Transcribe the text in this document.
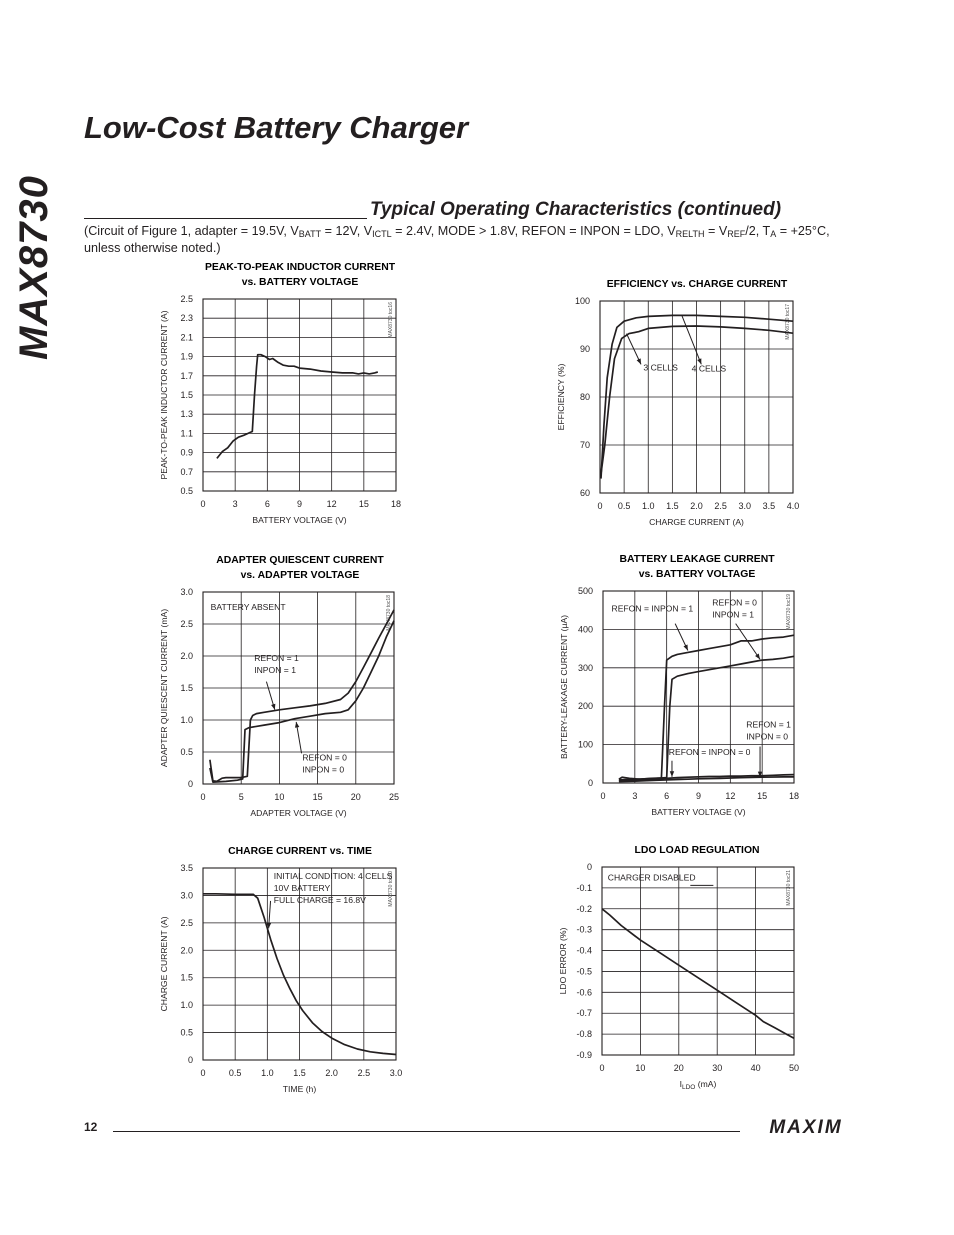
MAX8730
Low-Cost Battery Charger
Typical Operating Characteristics (continued)
(Circuit of Figure 1, adapter = 19.5V, $V_{BATT} = 12V$, $V_{ICTL} = 2.4V$, MODE > 1.8V, REFON = INPON = LDO, $V_{RELTH} = V_{REF}/2$, $T_A = +25^\circ C$, unless otherwise noted.)
PEAK-TO-PEAK INDUCTOR CURRENT
vs. BATTERY VOLTAGE
0	3	6	9	12 15 18
0.5
0.7
0.9
1.1
1.3
1.5
1.7
1.9
2.1
2.3
2.5
BATTERY VOLTAGE (V)
PEAK-TO-PEAK INDUCTOR CURRENT (A)	MAX8730 toc16
EFFICIENCY vs. CHARGE CURRENT
0 0.5 1.0 1.5 2.0 2.5 3.0 3.5 4.0
60
70
80
90
100
CHARGE CURRENT (A)
EFFICIENCY (%)
MAX8730 toc17
3 CELLS 4 CELLS
ADAPTER QUIESCENT CURRENT
vs. ADAPTER VOLTAGE
0	5	10	15	20	25
0
0.5
1.0
1.5
2.0
2.5
3.0
ADAPTER VOLTAGE (V)
ADAPTER QUIESCENT CURRENT (mA)	MAX8730 toc18
BATTERY ABSENT
REFON = 1
INPON = 1
REFON = 0
INPON = 0
BATTERY LEAKAGE CURRENT
vs. BATTERY VOLTAGE
0	3	6	9	12 15 18
0
100
200
300
400
500
BATTERY VOLTAGE (V)
BATTERY-LEAKAGE CURRENT (µA)
MAX8730 toc19
REFON = INPON = 1
REFON = 0
INPON = 1
REFON = 1
INPON = 0
REFON = INPON = 0
CHARGE CURRENT vs. TIME
0	0.5 1.0 1.5 2.0 2.5 3.0
0
0.5
1.0
1.5
2.0
2.5
3.0
3.5
TIME (h)
CHARGE CURRENT (A)
MAX8730 toc20
INITIAL CONDITION: 4 CELLS
10V BATTERY
FULL CHARGE = 16.8V
LDO LOAD REGULATION
0	10	20	30	40	50
0
-0.1
-0.2
-0.3
-0.4
-0.5
-0.6
-0.7
-0.8
-0.9
$I_{LDO}$ (mA)
LDO ERROR (%)
MAX8730 toc21
CHARGER DISABLED
12	MAXIM
